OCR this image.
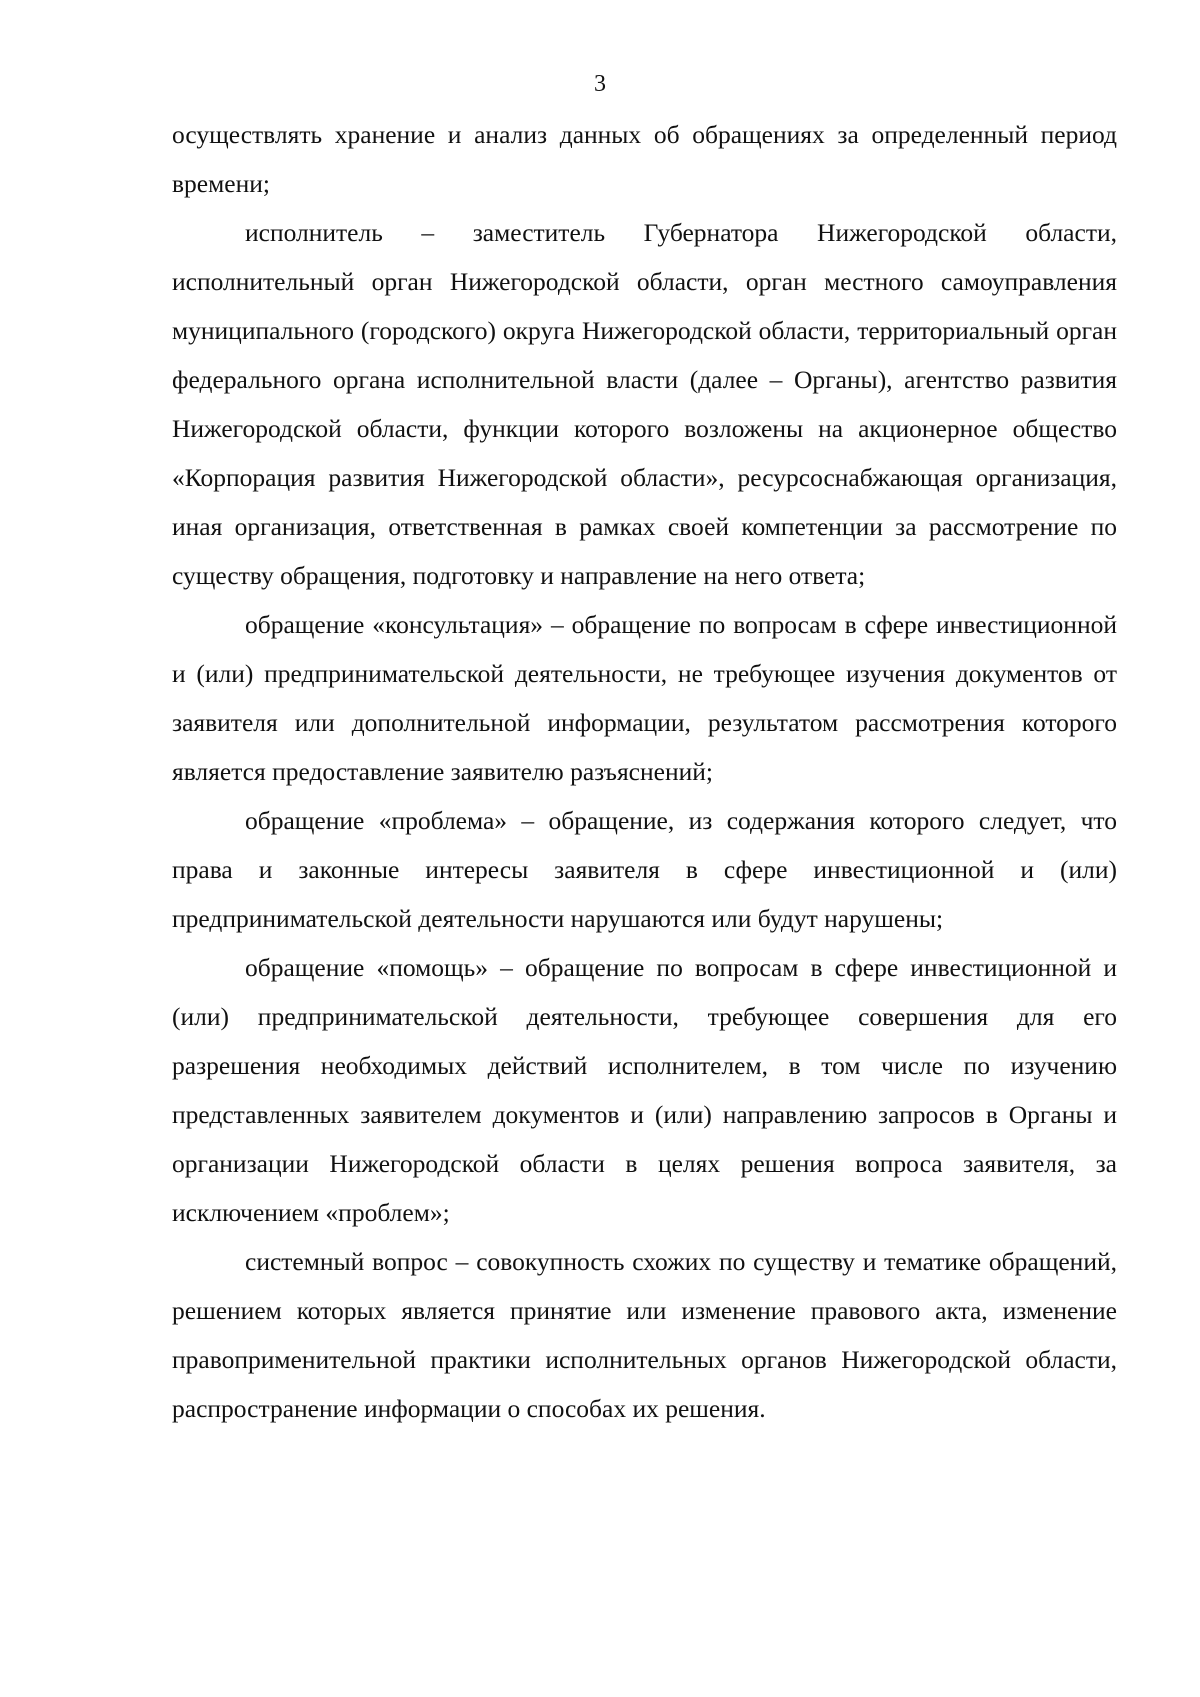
3

осуществлять хранение и анализ данных об обращениях за определенный период времени;

исполнитель – заместитель Губернатора Нижегородской области, исполнительный орган Нижегородской области, орган местного самоуправления муниципального (городского) округа Нижегородской области, территориальный орган федерального органа исполнительной власти (далее – Органы), агентство развития Нижегородской области, функции которого возложены на акционерное общество «Корпорация развития Нижегородской области», ресурсоснабжающая организация, иная организация, ответственная в рамках своей компетенции за рассмотрение по существу обращения, подготовку и направление на него ответа;

обращение «консультация» – обращение по вопросам в сфере инвестиционной и (или) предпринимательской деятельности, не требующее изучения документов от заявителя или дополнительной информации, результатом рассмотрения которого является предоставление заявителю разъяснений;

обращение «проблема» – обращение, из содержания которого следует, что права и законные интересы заявителя в сфере инвестиционной и (или) предпринимательской деятельности нарушаются или будут нарушены;

обращение «помощь» – обращение по вопросам в сфере инвестиционной и (или) предпринимательской деятельности, требующее совершения для его разрешения необходимых действий исполнителем, в том числе по изучению представленных заявителем документов и (или) направлению запросов в Органы и организации Нижегородской области в целях решения вопроса заявителя, за исключением «проблем»;

системный вопрос – совокупность схожих по существу и тематике обращений, решением которых является принятие или изменение правового акта, изменение правоприменительной практики исполнительных органов Нижегородской области, распространение информации о способах их решения.
